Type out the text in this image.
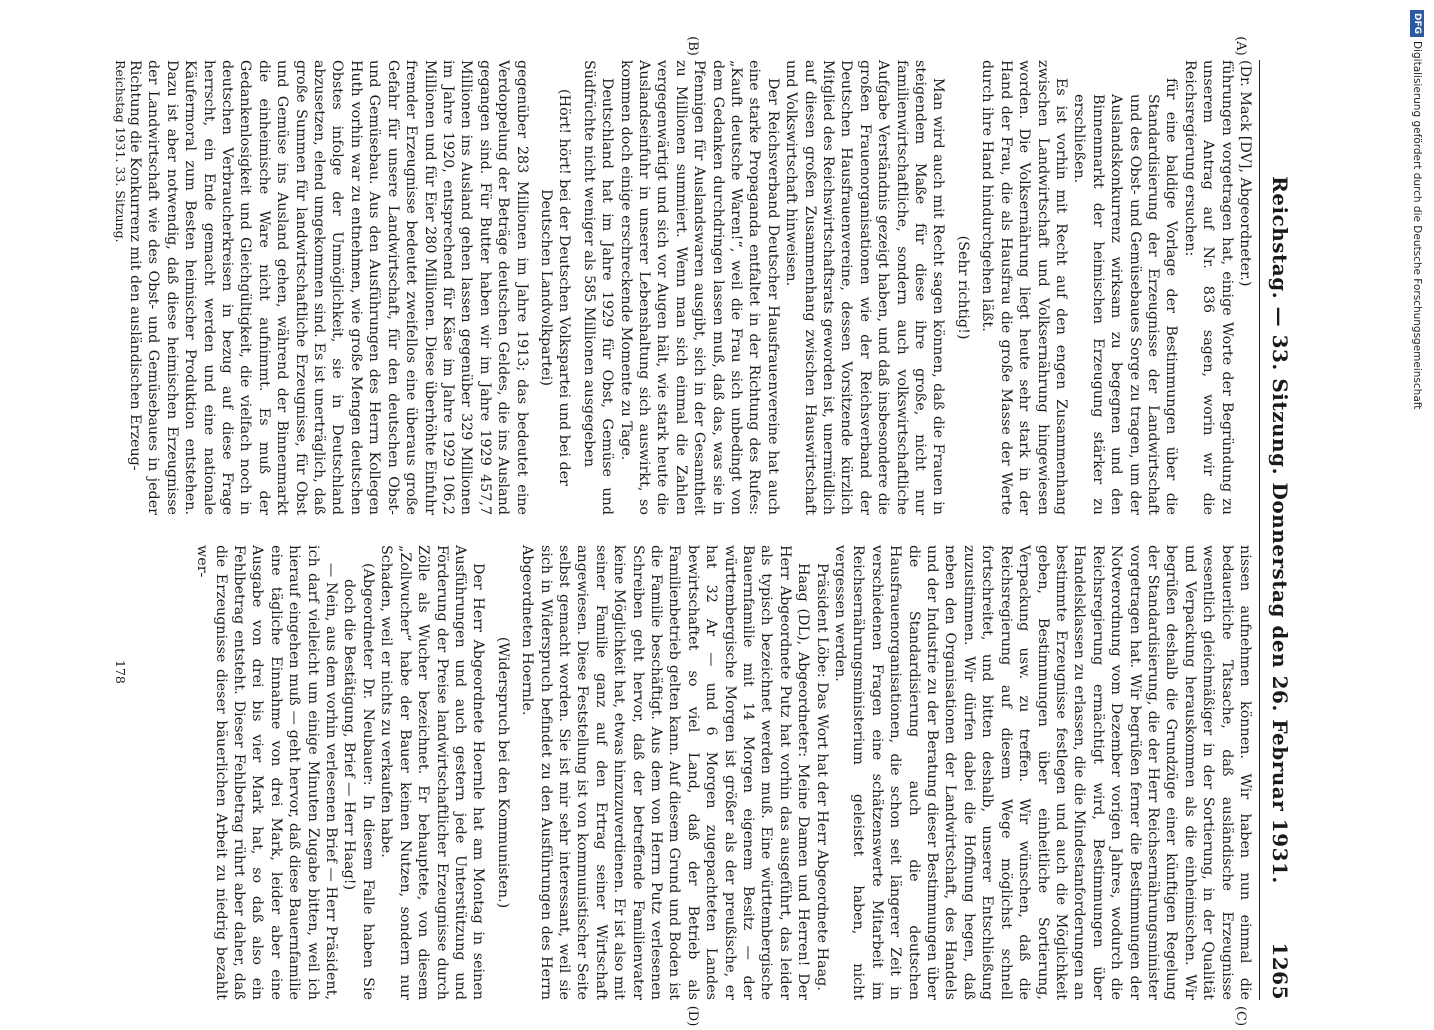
Reichstag. — 33. Sitzung. Donnerstag den 26. Februar 1931.
1265
(A)
(B)
(C)
(D)

(Dr. Mack [DV], Abgeordneter.)

führungen vorgetragen hat, einige Worte der Begründung zu unserem Antrag auf Nr. 836 sagen, worin wir die Reichsregierung ersuchen:

für eine baldige Vorlage der Bestimmungen über die Standardisierung der Erzeugnisse der Landwirtschaft und des Obst- und Gemüsebaues Sorge zu tragen, um der Auslandskonkurrenz wirksam zu begegnen und den Binnenmarkt der heimischen Erzeugung stärker zu erschließen.

Es ist vorhin mit Recht auf den engen Zusammenhang zwischen Landwirtschaft und Volksernährung hingewiesen worden. Die Volksernährung liegt heute sehr stark in der Hand der Frau, die als Hausfrau die große Masse der Werte durch ihre Hand hindurchgehen läßt.

(Sehr richtig!)

Man wird auch mit Recht sagen können, daß die Frauen in steigendem Maße für diese ihre große, nicht nur familienwirtschaftliche, sondern auch volkswirtschaftliche Aufgabe Verständnis gezeigt haben, und daß insbesondere die großen Frauenorganisationen wie der Reichsverband der Deutschen Hausfrauenvereine, dessen Vorsitzende kürzlich Mitglied des Reichswirtschaftsrats geworden ist, unermüdlich auf diesen großen Zusammenhang zwischen Hauswirtschaft und Volkswirtschaft hinweisen.

Der Reichsverband Deutscher Hausfrauenvereine hat auch eine starke Propaganda entfaltet in der Richtung des Rufes: „Kauft deutsche Waren!“, weil die Frau sich unbedingt von dem Gedanken durchdringen lassen muß, daß das, was sie in Pfennigen für Auslandswaren ausgibt, sich in der Gesamtheit zu Millionen summiert. Wenn man sich einmal die Zahlen vergegenwärtigt und sich vor Augen hält, wie stark heute die Auslandseinfuhr in unserer Lebenshaltung sich auswirkt, so kommen doch einige erschreckende Momente zu Tage.

Deutschland hat im Jahre 1929 für Obst, Gemüse und Südfrüchte nicht weniger als 585 Millionen ausgegeben

(Hört! hört! bei der Deutschen Volkspartei und bei der Deutschen Landvolkpartei)

gegenüber 283 Millionen im Jahre 1913; das bedeutet eine Verdoppelung der Beträge deutschen Geldes, die ins Ausland gegangen sind. Für Butter haben wir im Jahre 1929 457,7 Millionen ins Ausland gehen lassen gegenüber 329 Millionen im Jahre 1920, entsprechend für Käse im Jahre 1929 106,2 Millionen und für Eier 280 Millionen. Diese überhöhte Einfuhr fremder Erzeugnisse bedeutet zweifellos eine überaus große Gefahr für unsere Landwirtschaft, für den deutschen Obst- und Gemüsebau. Aus den Ausführungen des Herrn Kollegen Huth vorhin war zu entnehmen, wie große Mengen deutschen Obstes infolge der Unmöglichkeit, sie in Deutschland abzusetzen, elend umgekommen sind. Es ist unerträglich, daß große Summen für landwirtschaftliche Erzeugnisse, für Obst und Gemüse ins Ausland gehen, während der Binnenmarkt die einheimische Ware nicht aufnimmt. Es muß der Gedankenlosigkeit und Gleichgültigkeit, die vielfach noch in deutschen Verbraucherkreisen in bezug auf diese Frage herrscht, ein Ende gemacht werden und eine nationale Käufermoral zum Besten heimischer Produktion entstehen. Dazu ist aber notwendig, daß diese heimischen Erzeugnisse der Landwirtschaft wie des Obst- und Gemüsebaues in jeder Richtung die Konkurrenz mit den ausländischen Erzeug-

nissen aufnehmen können. Wir haben nun einmal die bedauerliche Tatsache, daß ausländische Erzeugnisse wesentlich gleichmäßiger in der Sortierung, in der Qualität und Verpackung herauskommen als die einheimischen. Wir begrüßen deshalb die Grundzüge einer künftigen Regelung der Standardisierung, die der Herr Reichsernährungsminister vorgetragen hat. Wir begrüßen ferner die Bestimmungen der Notverordnung vom Dezember vorigen Jahres, wodurch die Reichsregierung ermächtigt wird, Bestimmungen über Handelsklassen zu erlassen, die die Mindestanforderungen an bestimmte Erzeugnisse festlegen und auch die Möglichkeit geben, Bestimmungen über einheitliche Sortierung, Verpackung usw. zu treffen. Wir wünschen, daß die Reichsregierung auf diesem Wege möglichst schnell fortschreitet, und bitten deshalb, unserer Entschließung zuzustimmen. Wir dürfen dabei die Hoffnung hegen, daß neben den Organisationen der Landwirtschaft, des Handels und der Industrie zu der Beratung dieser Bestimmungen über die Standardisierung auch die deutschen Hausfrauenorganisationen, die schon seit längerer Zeit in verschiedenen Fragen eine schätzenswerte Mitarbeit im Reichsernährungsministerium geleistet haben, nicht vergessen werden.

Präsident Löbe: Das Wort hat der Herr Abgeordnete Haag.

Haag (DL), Abgeordneter: Meine Damen und Herren! Der Herr Abgeordnete Putz hat vorhin das ausgeführt, das leider als typisch bezeichnet werden muß. Eine württembergische Bauernfamilie mit 14 Morgen eigenem Besitz — der württembergische Morgen ist größer als der preußische, er hat 32 Ar — und 6 Morgen zugepachteten Landes bewirtschaftet so viel Land, daß der Betrieb als Familienbetrieb gelten kann. Auf diesem Grund und Boden ist die Familie beschäftigt. Aus dem von Herrn Putz verlesenen Schreiben geht hervor, daß der betreffende Familienvater keine Möglichkeit hat, etwas hinzuzuverdienen. Er ist also mit seiner Familie ganz auf den Ertrag seiner Wirtschaft angewiesen. Diese Feststellung ist von kommunistischer Seite selbst gemacht worden. Sie ist mir sehr interessant, weil sie sich in Widerspruch befindet zu den Ausführungen des Herrn Abgeordneten Hoernle.

(Widerspruch bei den Kommunisten.)

Der Herr Abgeordnete Hoernle hat am Montag in seinen Ausführungen und auch gestern jede Unterstützung und Förderung der Preise landwirtschaftlicher Erzeugnisse durch Zölle als Wucher bezeichnet. Er behauptete, von diesem „Zollwucher“ habe der Bauer keinen Nutzen, sondern nur Schaden, weil er nichts zu verkaufen habe.

(Abgeordneter Dr. Neubauer: In diesem Falle haben Sie doch die Bestätigung, Brief — Herr Haag!)

— Nein, aus dem vorhin verlesenen Brief — Herr Präsident, ich darf vielleicht um einige Minuten Zugabe bitten, weil ich hierauf eingehen muß — geht hervor, daß diese Bauernfamilie eine tägliche Einnahme von drei Mark, leider aber eine Ausgabe von drei bis vier Mark hat, so daß also ein Fehlbetrag entsteht. Dieser Fehlbetrag rührt aber daher, daß die Erzeugnisse dieser bäuerlichen Arbeit zu niedrig bezahlt wer-

Reichstag 1931. 33. Sitzung.
178
DFGDigitalisierung gefördert durch die Deutsche Forschungsgemeinschaft
